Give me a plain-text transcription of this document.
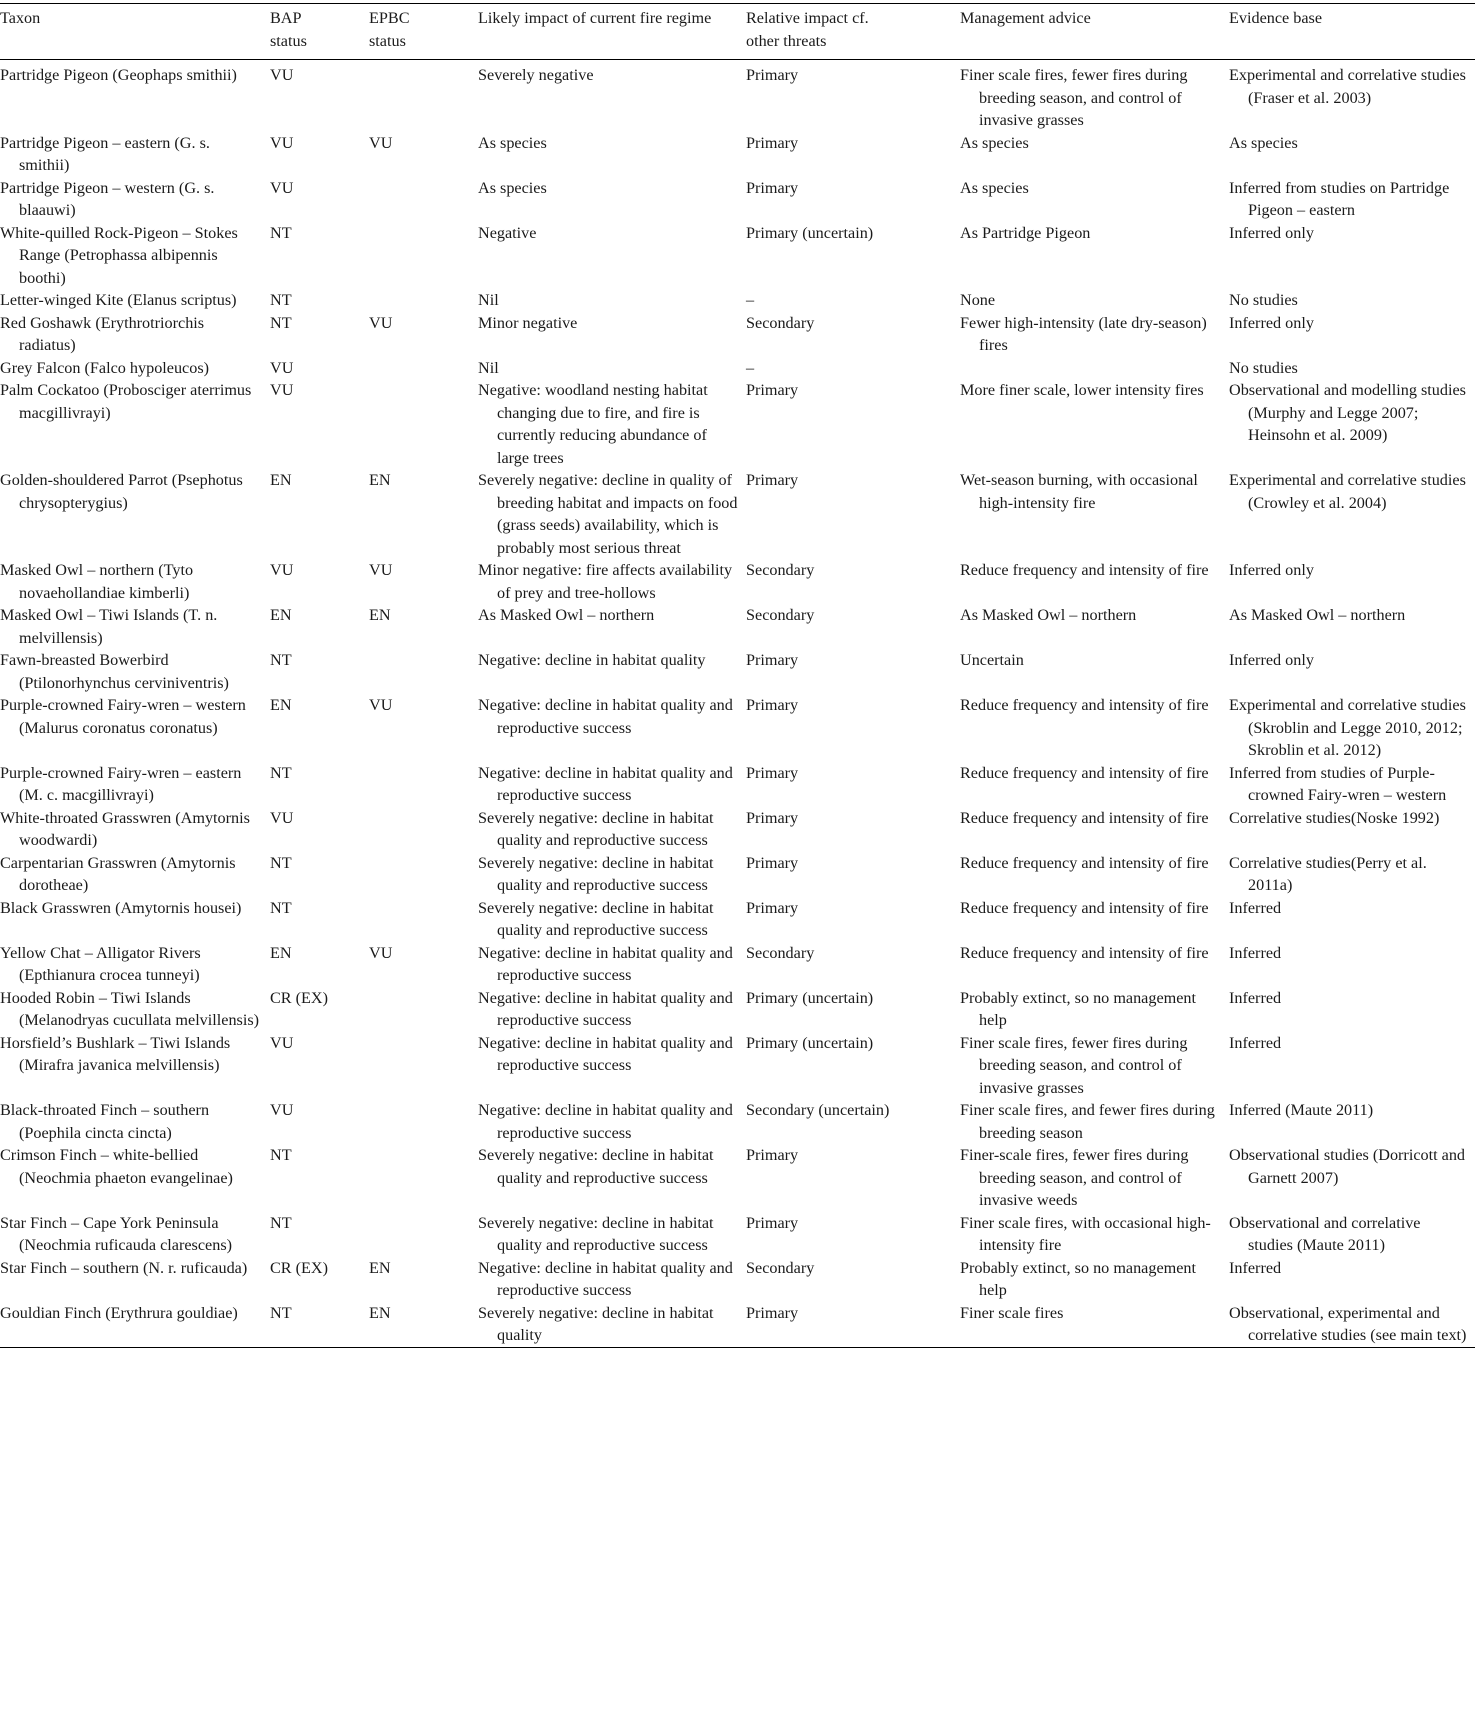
Taxon	BAP status	EPBC status	Likely impact of current fire regime	Relative impact cf. other threats	Management advice	Evidence base
Partridge Pigeon (Geophaps smithii)	VU		Severely negative	Primary	Finer scale fires, fewer fires during breeding season, and control of invasive grasses	Experimental and correlative studies (Fraser et al. 2003)
Partridge Pigeon – eastern (G. s. smithii)	VU	VU	As species	Primary	As species	As species
Partridge Pigeon – western (G. s. blaauwi)	VU		As species	Primary	As species	Inferred from studies on Partridge Pigeon – eastern
White-quilled Rock-Pigeon – Stokes Range (Petrophassa albipennis boothi)	NT		Negative	Primary (uncertain)	As Partridge Pigeon	Inferred only
Letter-winged Kite (Elanus scriptus)	NT		Nil	–	None	No studies
Red Goshawk (Erythrotriorchis radiatus)	NT	VU	Minor negative	Secondary	Fewer high-intensity (late dry-season) fires	Inferred only
Grey Falcon (Falco hypoleucos)	VU		Nil	–		No studies
Palm Cockatoo (Probosciger aterrimus macgillivrayi)	VU		Negative: woodland nesting habitat changing due to fire, and fire is currently reducing abundance of large trees	Primary	More finer scale, lower intensity fires	Observational and modelling studies (Murphy and Legge 2007; Heinsohn et al. 2009)
Golden-shouldered Parrot (Psephotus chrysopterygius)	EN	EN	Severely negative: decline in quality of breeding habitat and impacts on food (grass seeds) availability, which is probably most serious threat	Primary	Wet-season burning, with occasional high-intensity fire	Experimental and correlative studies (Crowley et al. 2004)
Masked Owl – northern (Tyto novaehollandiae kimberli)	VU	VU	Minor negative: fire affects availability of prey and tree-hollows	Secondary	Reduce frequency and intensity of fire	Inferred only
Masked Owl – Tiwi Islands (T. n. melvillensis)	EN	EN	As Masked Owl – northern	Secondary	As Masked Owl – northern	As Masked Owl – northern
Fawn-breasted Bowerbird (Ptilonorhynchus cerviniventris)	NT		Negative: decline in habitat quality	Primary	Uncertain	Inferred only
Purple-crowned Fairy-wren – western (Malurus coronatus coronatus)	EN	VU	Negative: decline in habitat quality and reproductive success	Primary	Reduce frequency and intensity of fire	Experimental and correlative studies (Skroblin and Legge 2010, 2012; Skroblin et al. 2012)
Purple-crowned Fairy-wren – eastern (M. c. macgillivrayi)	NT		Negative: decline in habitat quality and reproductive success	Primary	Reduce frequency and intensity of fire	Inferred from studies of Purple-crowned Fairy-wren – western
White-throated Grasswren (Amytornis woodwardi)	VU		Severely negative: decline in habitat quality and reproductive success	Primary	Reduce frequency and intensity of fire	Correlative studies(Noske 1992)
Carpentarian Grasswren (Amytornis dorotheae)	NT		Severely negative: decline in habitat quality and reproductive success	Primary	Reduce frequency and intensity of fire	Correlative studies(Perry et al. 2011a)
Black Grasswren (Amytornis housei)	NT		Severely negative: decline in habitat quality and reproductive success	Primary	Reduce frequency and intensity of fire	Inferred
Yellow Chat – Alligator Rivers (Epthianura crocea tunneyi)	EN	VU	Negative: decline in habitat quality and reproductive success	Secondary	Reduce frequency and intensity of fire	Inferred
Hooded Robin – Tiwi Islands (Melanodryas cucullata melvillensis)	CR (EX)		Negative: decline in habitat quality and reproductive success	Primary (uncertain)	Probably extinct, so no management help	Inferred
Horsfield’s Bushlark – Tiwi Islands (Mirafra javanica melvillensis)	VU		Negative: decline in habitat quality and reproductive success	Primary (uncertain)	Finer scale fires, fewer fires during breeding season, and control of invasive grasses	Inferred
Black-throated Finch – southern (Poephila cincta cincta)	VU		Negative: decline in habitat quality and reproductive success	Secondary (uncertain)	Finer scale fires, and fewer fires during breeding season	Inferred (Maute 2011)
Crimson Finch – white-bellied (Neochmia phaeton evangelinae)	NT		Severely negative: decline in habitat quality and reproductive success	Primary	Finer-scale fires, fewer fires during breeding season, and control of invasive weeds	Observational studies (Dorricott and Garnett 2007)
Star Finch – Cape York Peninsula (Neochmia ruficauda clarescens)	NT		Severely negative: decline in habitat quality and reproductive success	Primary	Finer scale fires, with occasional high-intensity fire	Observational and correlative studies (Maute 2011)
Star Finch – southern (N. r. ruficauda)	CR (EX)	EN	Negative: decline in habitat quality and reproductive success	Secondary	Probably extinct, so no management help	Inferred
Gouldian Finch (Erythrura gouldiae)	NT	EN	Severely negative: decline in habitat quality	Primary	Finer scale fires	Observational, experimental and correlative studies (see main text)
